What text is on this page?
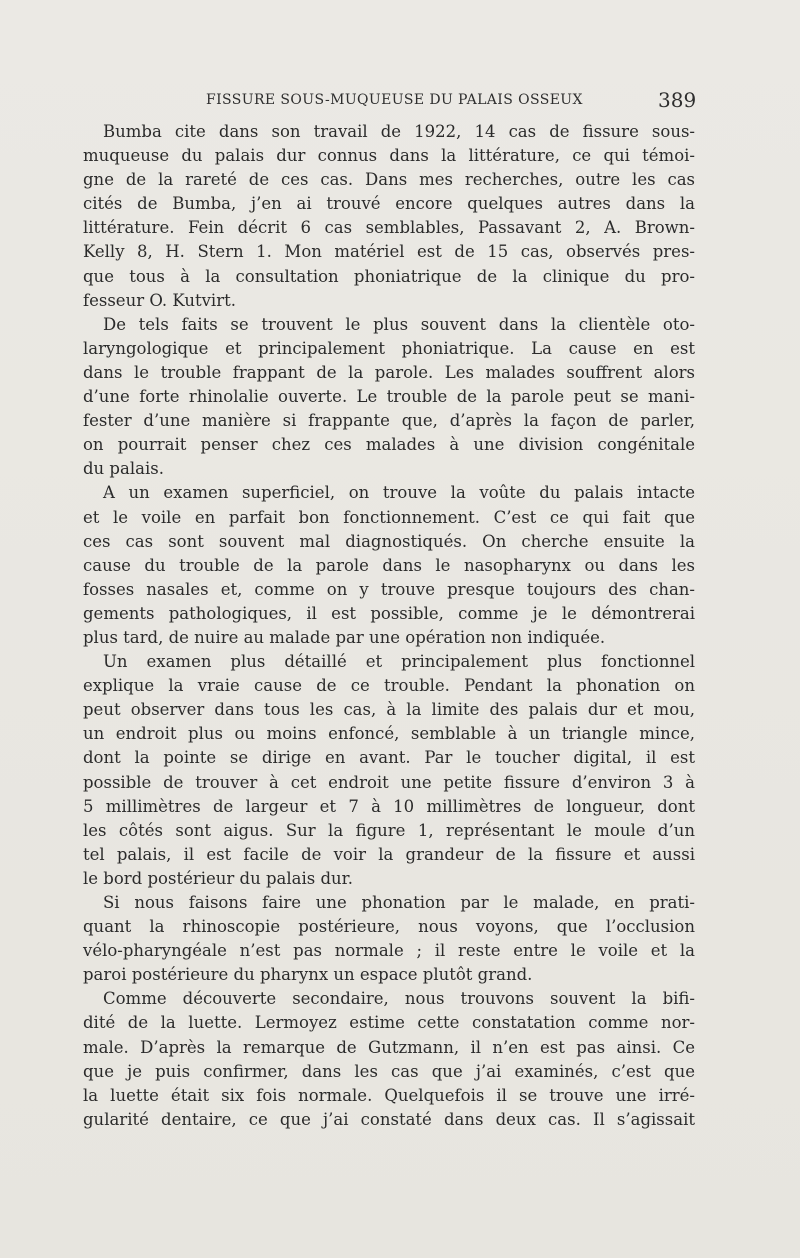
FISSURE SOUS-MUQUEUSE DU PALAIS OSSEUX	389
Bumba cite dans son travail de 1922, 14 cas de fissure sous-
muqueuse du palais dur connus dans la littérature, ce qui témoi-
gne de la rareté de ces cas. Dans mes recherches, outre les cas
cités de Bumba, j’en ai trouvé encore quelques autres dans la
littérature. Fein décrit 6 cas semblables, Passavant 2, A. Brown-
Kelly 8, H. Stern 1. Mon matériel est de 15 cas, observés pres-
que tous à la consultation phoniatrique de la clinique du pro-
fesseur O. Kutvirt.
De tels faits se trouvent le plus souvent dans la clientèle oto-
laryngologique et principalement phoniatrique. La cause en est
dans le trouble frappant de la parole. Les malades souffrent alors
d’une forte rhinolalie ouverte. Le trouble de la parole peut se mani-
fester d’une manière si frappante que, d’après la façon de parler,
on pourrait penser chez ces malades à une division congénitale
du palais.
A un examen superficiel, on trouve la voûte du palais intacte
et le voile en parfait bon fonctionnement. C’est ce qui fait que
ces cas sont souvent mal diagnostiqués. On cherche ensuite la
cause du trouble de la parole dans le nasopharynx ou dans les
fosses nasales et, comme on y trouve presque toujours des chan-
gements pathologiques, il est possible, comme je le démontrerai
plus tard, de nuire au malade par une opération non indiquée.
Un examen plus détaillé et principalement plus fonctionnel
explique la vraie cause de ce trouble. Pendant la phonation on
peut observer dans tous les cas, à la limite des palais dur et mou,
un endroit plus ou moins enfoncé, semblable à un triangle mince,
dont la pointe se dirige en avant. Par le toucher digital, il est
possible de trouver à cet endroit une petite fissure d’environ 3 à
5 millimètres de largeur et 7 à 10 millimètres de longueur, dont
les côtés sont aigus. Sur la figure 1, représentant le moule d’un
tel palais, il est facile de voir la grandeur de la fissure et aussi
le bord postérieur du palais dur.
Si nous faisons faire une phonation par le malade, en prati-
quant la rhinoscopie postérieure, nous voyons, que l’occlusion
vélo-pharyngéale n’est pas normale ; il reste entre le voile et la
paroi postérieure du pharynx un espace plutôt grand.
Comme découverte secondaire, nous trouvons souvent la bifi-
dité de la luette. Lermoyez estime cette constatation comme nor-
male. D’après la remarque de Gutzmann, il n’en est pas ainsi. Ce
que je puis confirmer, dans les cas que j’ai examinés, c’est que
la luette était six fois normale. Quelquefois il se trouve une irré-
gularité dentaire, ce que j’ai constaté dans deux cas. Il s’agissait
